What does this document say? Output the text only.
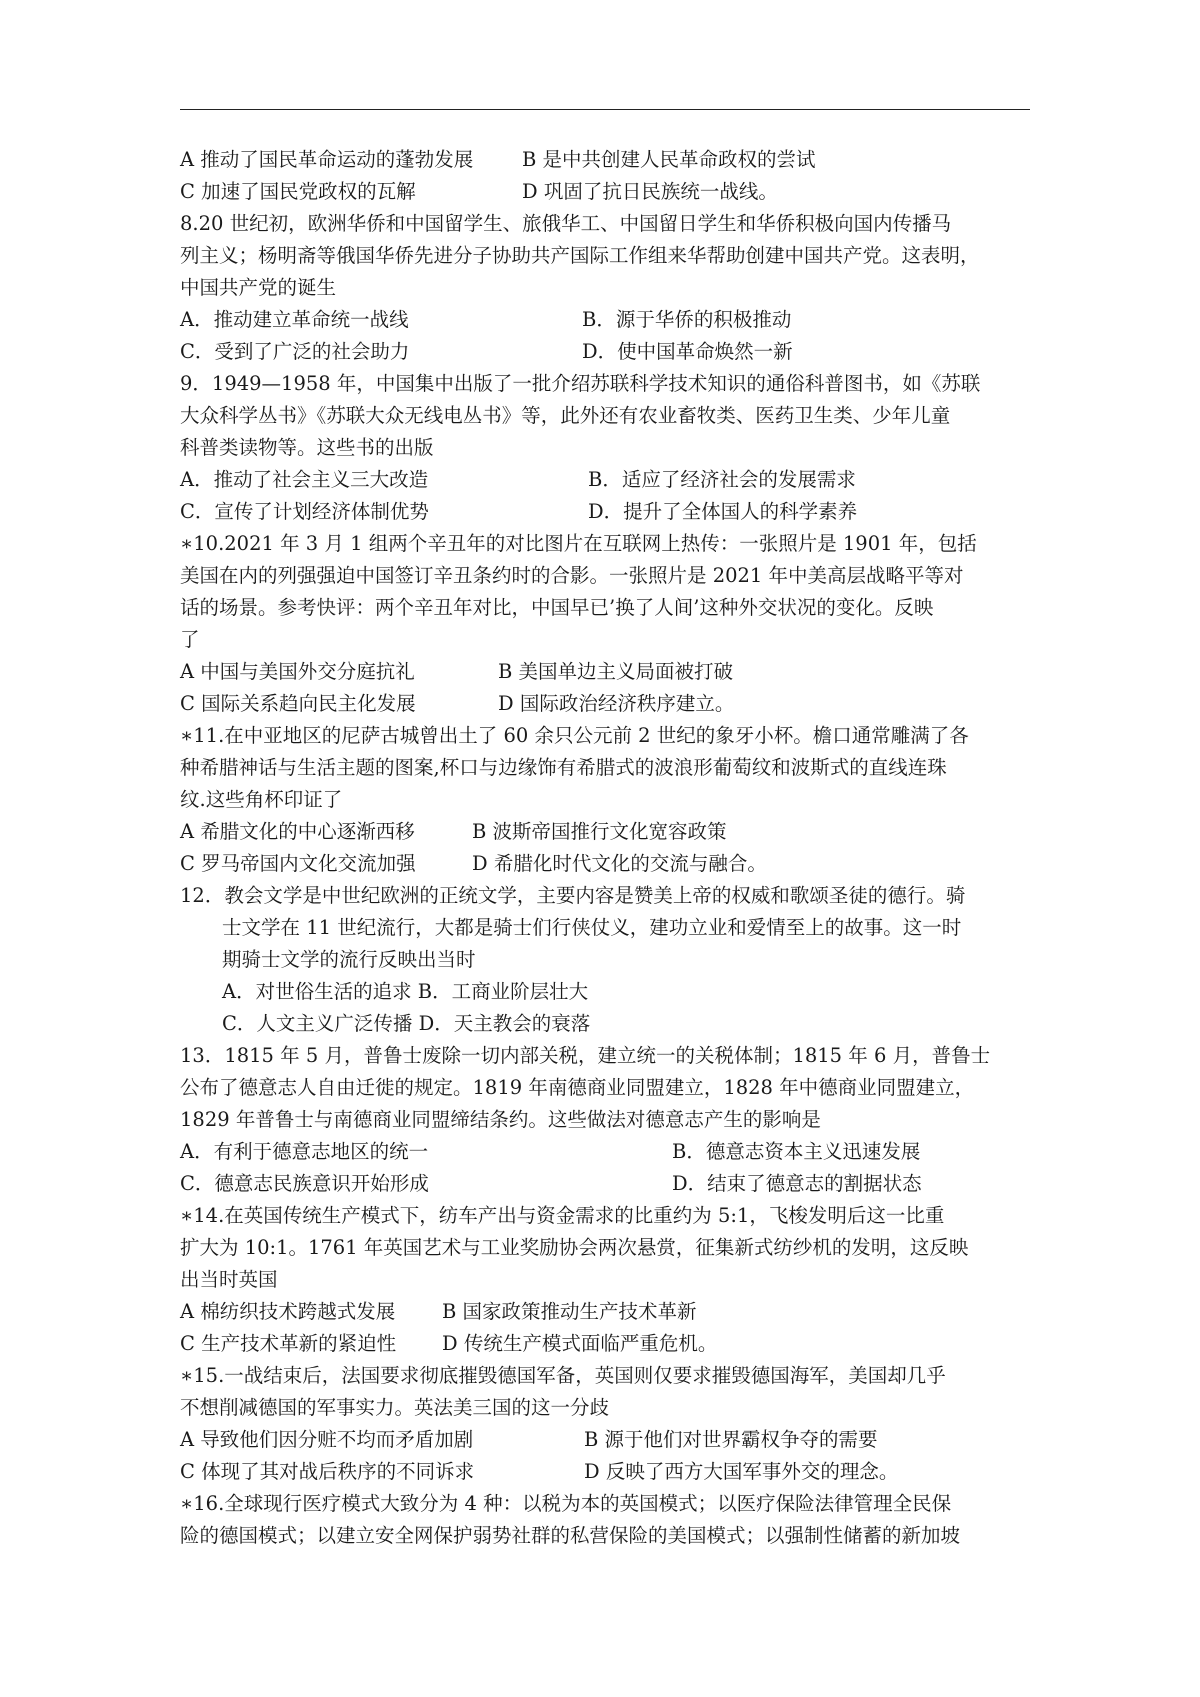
A 推动了国民革命运动的蓬勃发展	B 是中共创建人民革命政权的尝试
C 加速了国民党政权的瓦解	D 巩固了抗日民族统一战线。

8.20 世纪初，欧洲华侨和中国留学生、旅俄华工、中国留日学生和华侨积极向国内传播马

列主义；杨明斋等俄国华侨先进分子协助共产国际工作组来华帮助创建中国共产党。这表明，

中国共产党的诞生

A．推动建立革命统一战线	B．源于华侨的积极推动
C．受到了广泛的社会助力	D．使中国革命焕然一新

9．1949—1958 年，中国集中出版了一批介绍苏联科学技术知识的通俗科普图书，如《苏联

大众科学丛书》《苏联大众无线电丛书》等，此外还有农业畜牧类、医药卫生类、少年儿童

科普类读物等。这些书的出版

A．推动了社会主义三大改造	B．适应了经济社会的发展需求
C．宣传了计划经济体制优势	D．提升了全体国人的科学素养

∗10.2021 年 3 月 1 组两个辛丑年的对比图片在互联网上热传：一张照片是 1901 年，包括

美国在内的列强强迫中国签订辛丑条约时的合影。一张照片是 2021 年中美高层战略平等对

话的场景。参考快评：两个辛丑年对比，中国早已’换了人间’这种外交状况的变化。反映

了

A 中国与美国外交分庭抗礼	B 美国单边主义局面被打破
C 国际关系趋向民主化发展	D 国际政治经济秩序建立。

∗11.在中亚地区的尼萨古城曾出土了 60 余只公元前 2 世纪的象牙小杯。檐口通常雕满了各

种希腊神话与生活主题的图案,杯口与边缘饰有希腊式的波浪形葡萄纹和波斯式的直线连珠

纹.这些角杯印证了

A 希腊文化的中心逐渐西移	B 波斯帝国推行文化宽容政策
C 罗马帝国内文化交流加强	D 希腊化时代文化的交流与融合。

12．教会文学是中世纪欧洲的正统文学，主要内容是赞美上帝的权威和歌颂圣徒的德行。骑

士文学在 11 世纪流行，大都是骑士们行侠仗义，建功立业和爱情至上的故事。这一时

期骑士文学的流行反映出当时

A．对世俗生活的追求 B．工商业阶层壮大

C．人文主义广泛传播 D．天主教会的衰落

13．1815 年 5 月，普鲁士废除一切内部关税，建立统一的关税体制；1815 年 6 月，普鲁士

公布了德意志人自由迁徙的规定。1819 年南德商业同盟建立，1828 年中德商业同盟建立，

1829 年普鲁士与南德商业同盟缔结条约。这些做法对德意志产生的影响是

A．有利于德意志地区的统一	B．德意志资本主义迅速发展
C．德意志民族意识开始形成	D．结束了德意志的割据状态

∗14.在英国传统生产模式下，纺车产出与资金需求的比重约为 5:1，飞梭发明后这一比重

扩大为 10:1。1761 年英国艺术与工业奖励协会两次悬赏，征集新式纺纱机的发明，这反映

出当时英国

A 棉纺织技术跨越式发展	B 国家政策推动生产技术革新
C 生产技术革新的紧迫性	D 传统生产模式面临严重危机。

∗15.一战结束后，法国要求彻底摧毁德国军备，英国则仅要求摧毁德国海军，美国却几乎

不想削减德国的军事实力。英法美三国的这一分歧

A 导致他们因分赃不均而矛盾加剧	B 源于他们对世界霸权争夺的需要
C 体现了其对战后秩序的不同诉求	D 反映了西方大国军事外交的理念。

∗16.全球现行医疗模式大致分为 4 种：以税为本的英国模式；以医疗保险法律管理全民保

险的德国模式；以建立安全网保护弱势社群的私营保险的美国模式；以强制性储蓄的新加坡
